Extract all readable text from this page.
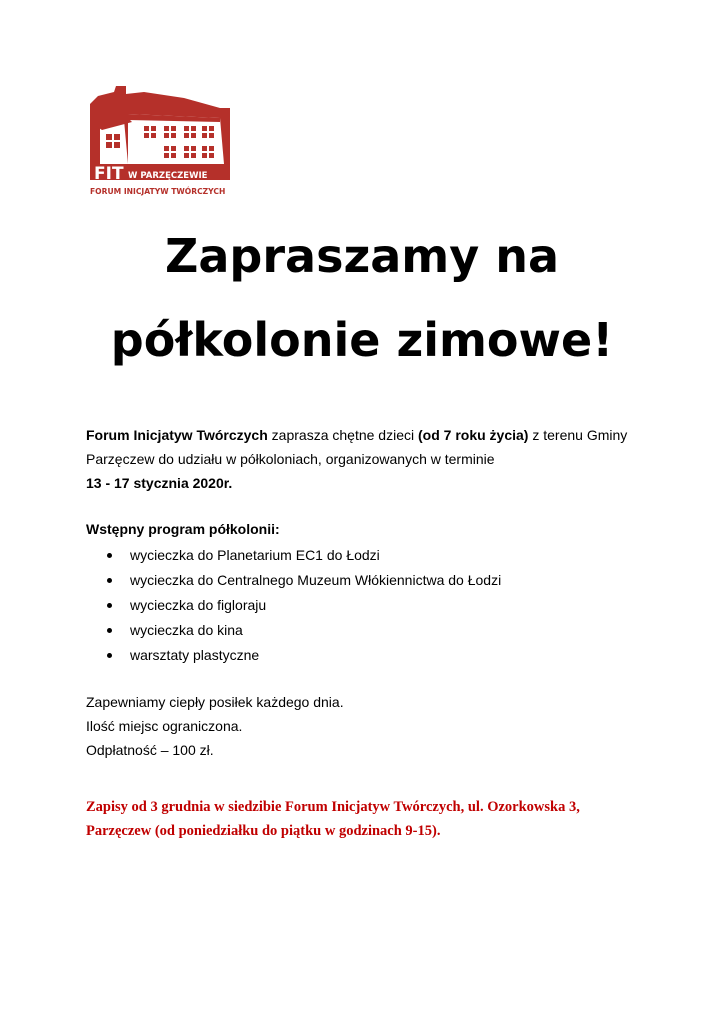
FIT W PARZĘCZEWIE
FORUM INICJATYW TWÓRCZYCH
Zapraszamy na
półkolonie zimowe!
Forum Inicjatyw Twórczych zaprasza chętne dzieci (od 7 roku życia) z terenu Gminy Parzęczew do udziału w półkoloniach, organizowanych w terminie
13 - 17 stycznia 2020r.
Wstępny program półkolonii:
wycieczka do Planetarium EC1 do Łodzi
wycieczka do Centralnego Muzeum Włókiennictwa do Łodzi
wycieczka do figloraju
wycieczka do kina
warsztaty plastyczne
Zapewniamy ciepły posiłek każdego dnia.
Ilość miejsc ograniczona.
Odpłatność – 100 zł.
Zapisy od 3 grudnia w siedzibie Forum Inicjatyw Twórczych, ul. Ozorkowska 3, Parzęczew (od poniedziałku do piątku w godzinach 9-15).
